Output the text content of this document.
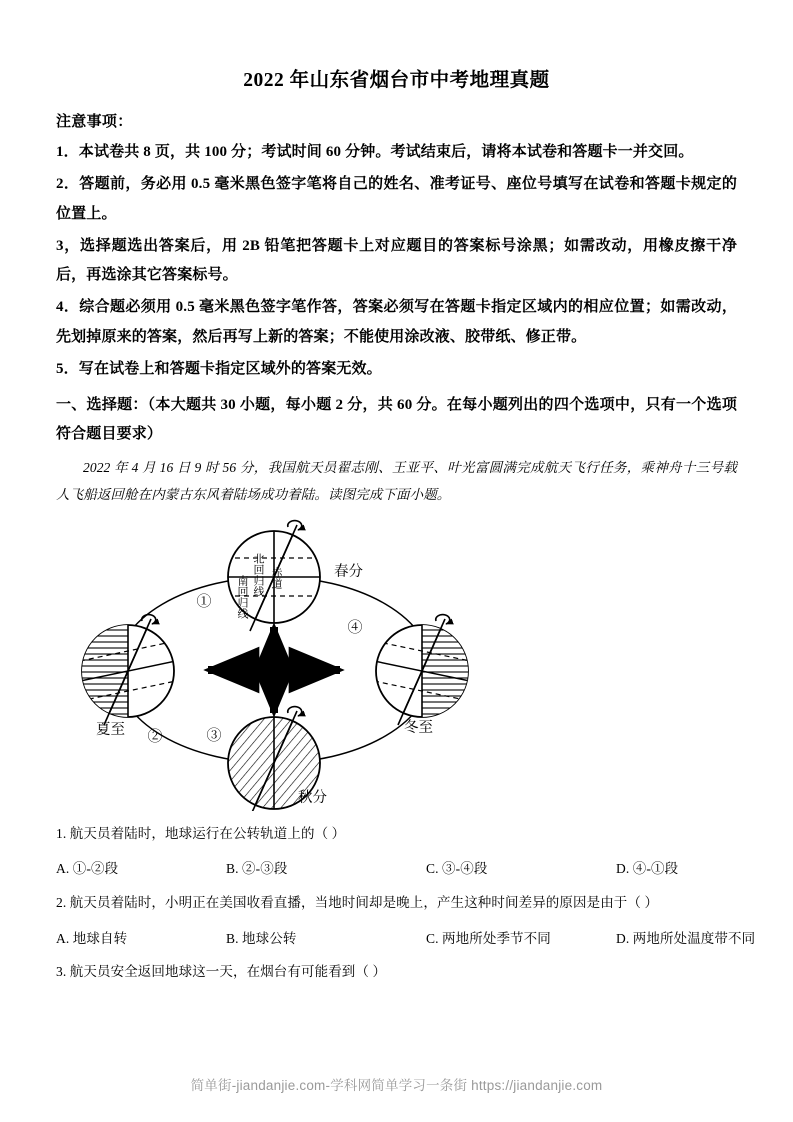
2022 年山东省烟台市中考地理真题
注意事项：

1．本试卷共 8 页，共 100 分；考试时间 60 分钟。考试结束后，请将本试卷和答题卡一并交回。

2．答题前，务必用 0.5 毫米黑色签字笔将自己的姓名、准考证号、座位号填写在试卷和答题卡规定的位置上。

3，选择题选出答案后，用 2B 铅笔把答题卡上对应题目的答案标号涂黑；如需改动，用橡皮擦干净后，再选涂其它答案标号。

4．综合题必须用 0.5 毫米黑色签字笔作答，答案必须写在答题卡指定区域内的相应位置；如需改动，先划掉原来的答案，然后再写上新的答案；不能使用涂改液、胶带纸、修正带。

5．写在试卷上和答题卡指定区域外的答案无效。

一、选择题：（本大题共 30 小题，每小题 2 分，共 60 分。在每小题列出的四个选项中，只有一个选项符合题目要求）

2022 年 4 月 16 日 9 时 56 分，我国航天员翟志刚、王亚平、叶光富圆满完成航天飞行任务，乘神舟十三号载人飞船返回舱在内蒙古东风着陆场成功着陆。读图完成下面小题。

北回归线 赤道
南回归线
①
②	③
④
春分
夏至
秋分
冬至

1. 航天员着陆时，地球运行在公转轨道上的（ ）

A. ①-②段	B. ②-③段	C. ③-④段	D. ④-①段

2. 航天员着陆时，小明正在美国收看直播，当地时间却是晚上，产生这种时间差异的原因是由于（ ）

A. 地球自转	B. 地球公转	C. 两地所处季节不同	D. 两地所处温度带不同

3. 航天员安全返回地球这一天，在烟台有可能看到（ ）

简单街-jiandanjie.com-学科网简单学习一条街 https://jiandanjie.com
